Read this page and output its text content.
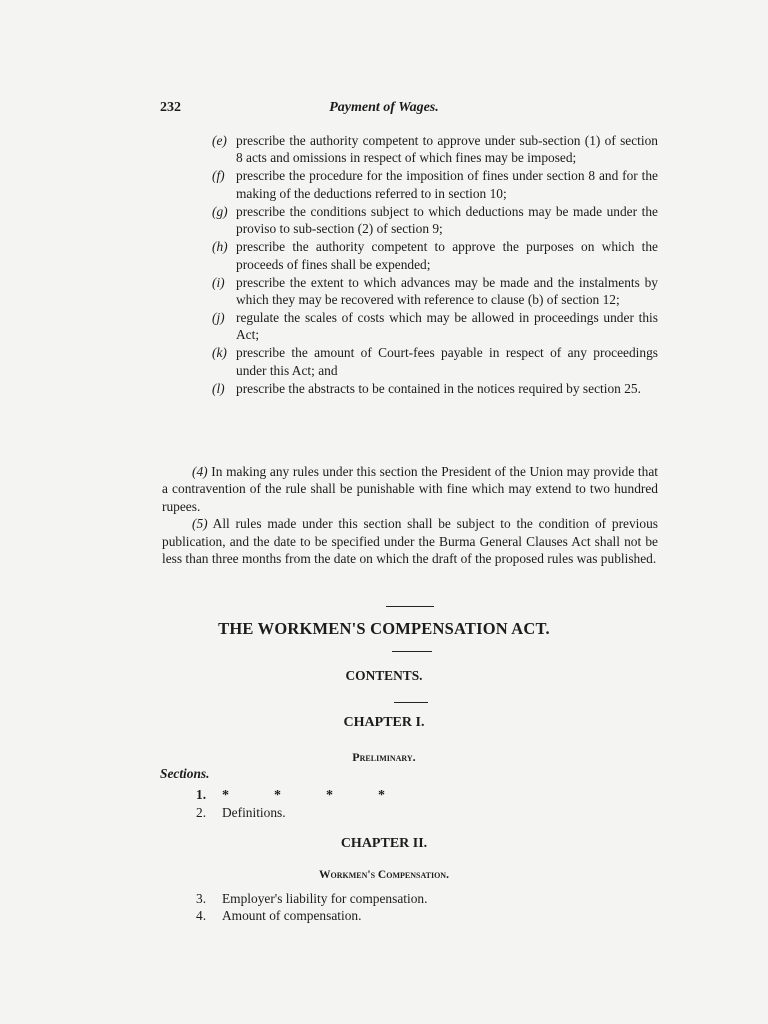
232	Payment of Wages.
(e) prescribe the authority competent to approve under sub-section (1) of section 8 acts and omissions in respect of which fines may be imposed;
(f) prescribe the procedure for the imposition of fines under section 8 and for the making of the deductions referred to in section 10;
(g) prescribe the conditions subject to which deductions may be made under the proviso to sub-section (2) of section 9;
(h) prescribe the authority competent to approve the purposes on which the proceeds of fines shall be expended;
(i) prescribe the extent to which advances may be made and the instalments by which they may be recovered with reference to clause (b) of section 12;
(j) regulate the scales of costs which may be allowed in proceedings under this Act;
(k) prescribe the amount of Court-fees payable in respect of any proceedings under this Act; and
(l) prescribe the abstracts to be contained in the notices required by section 25.

(4) In making any rules under this section the President of the Union may provide that a contravention of the rule shall be punishable with fine which may extend to two hundred rupees.

(5) All rules made under this section shall be subject to the condition of previous publication, and the date to be specified under the Burma General Clauses Act shall not be less than three months from the date on which the draft of the proposed rules was published.

THE WORKMEN'S COMPENSATION ACT.
CONTENTS.
CHAPTER I.
Preliminary.
Sections.
1.	*	*	*	*
2.	Definitions.
CHAPTER II.
Workmen's Compensation.
3.	Employer's liability for compensation.
4.	Amount of compensation.
